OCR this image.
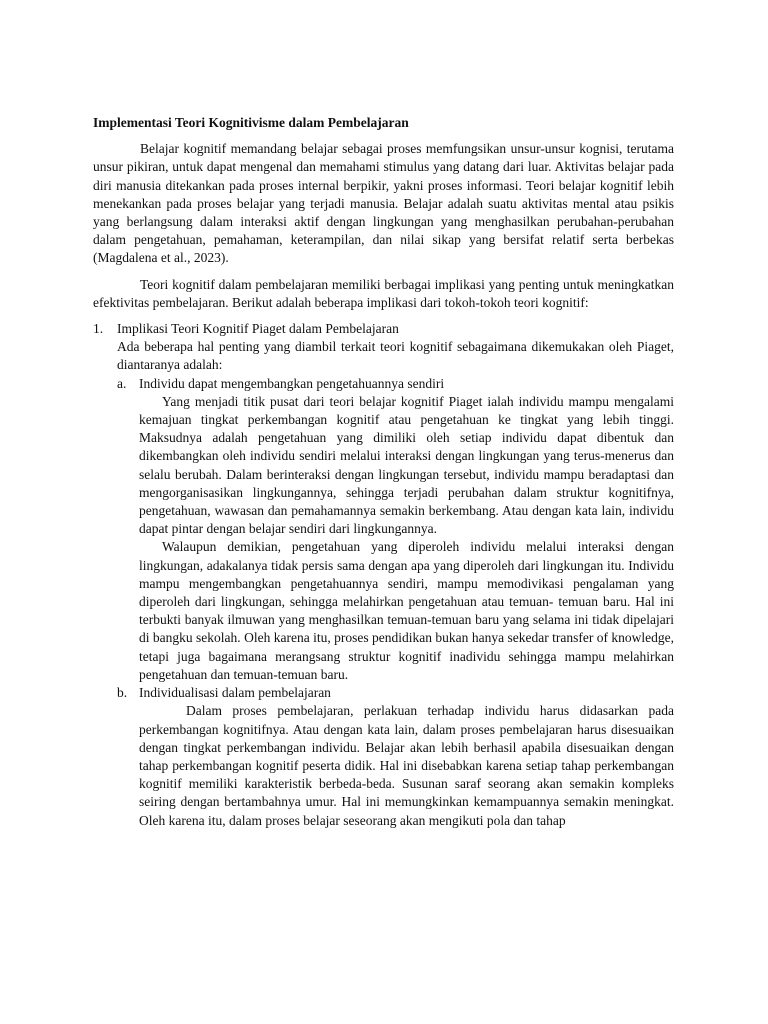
Implementasi Teori Kognitivisme dalam Pembelajaran

Belajar kognitif memandang belajar sebagai proses memfungsikan unsur-unsur kognisi, terutama unsur pikiran, untuk dapat mengenal dan memahami stimulus yang datang dari luar. Aktivitas belajar pada diri manusia ditekankan pada proses internal berpikir, yakni proses informasi. Teori belajar kognitif lebih menekankan pada proses belajar yang terjadi manusia. Belajar adalah suatu aktivitas mental atau psikis yang berlangsung dalam interaksi aktif dengan lingkungan yang menghasilkan perubahan-perubahan dalam pengetahuan, pemahaman, keterampilan, dan nilai sikap yang bersifat relatif serta berbekas (Magdalena et al., 2023).

Teori kognitif dalam pembelajaran memiliki berbagai implikasi yang penting untuk meningkatkan efektivitas pembelajaran. Berikut adalah beberapa implikasi dari tokoh-tokoh teori kognitif:

1. Implikasi Teori Kognitif Piaget dalam Pembelajaran

Ada beberapa hal penting yang diambil terkait teori kognitif sebagaimana dikemukakan oleh Piaget, diantaranya adalah:

a. Individu dapat mengembangkan pengetahuannya sendiri

Yang menjadi titik pusat dari teori belajar kognitif Piaget ialah individu mampu mengalami kemajuan tingkat perkembangan kognitif atau pengetahuan ke tingkat yang lebih tinggi. Maksudnya adalah pengetahuan yang dimiliki oleh setiap individu dapat dibentuk dan dikembangkan oleh individu sendiri melalui interaksi dengan lingkungan yang terus-menerus dan selalu berubah. Dalam berinteraksi dengan lingkungan tersebut, individu mampu beradaptasi dan mengorganisasikan lingkungannya, sehingga terjadi perubahan dalam struktur kognitifnya, pengetahuan, wawasan dan pemahamannya semakin berkembang. Atau dengan kata lain, individu dapat pintar dengan belajar sendiri dari lingkungannya.

Walaupun demikian, pengetahuan yang diperoleh individu melalui interaksi dengan lingkungan, adakalanya tidak persis sama dengan apa yang diperoleh dari lingkungan itu. Individu mampu mengembangkan pengetahuannya sendiri, mampu memodivikasi pengalaman yang diperoleh dari lingkungan, sehingga melahirkan pengetahuan atau temuan- temuan baru. Hal ini terbukti banyak ilmuwan yang menghasilkan temuan-temuan baru yang selama ini tidak dipelajari di bangku sekolah. Oleh karena itu, proses pendidikan bukan hanya sekedar transfer of knowledge, tetapi juga bagaimana merangsang struktur kognitif inadividu sehingga mampu melahirkan pengetahuan dan temuan-temuan baru.

b. Individualisasi dalam pembelajaran

Dalam proses pembelajaran, perlakuan terhadap individu harus didasarkan pada perkembangan kognitifnya. Atau dengan kata lain, dalam proses pembelajaran harus disesuaikan dengan tingkat perkembangan individu. Belajar akan lebih berhasil apabila disesuaikan dengan tahap perkembangan kognitif peserta didik. Hal ini disebabkan karena setiap tahap perkembangan kognitif memiliki karakteristik berbeda-beda. Susunan saraf seorang akan semakin kompleks seiring dengan bertambahnya umur. Hal ini memungkinkan kemampuannya semakin meningkat. Oleh karena itu, dalam proses belajar seseorang akan mengikuti pola dan tahap
